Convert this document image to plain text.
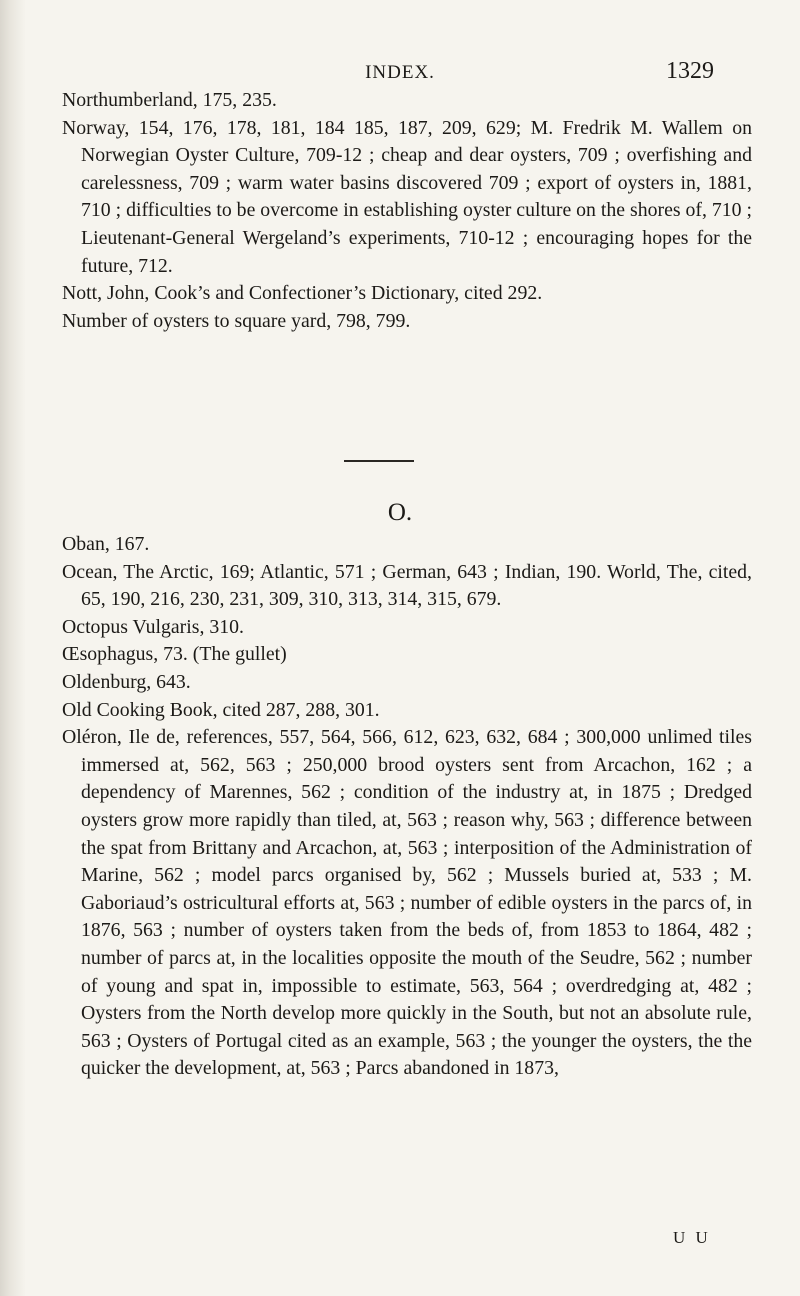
INDEX.	1329

Northumberland, 175, 235.

Norway, 154, 176, 178, 181, 184 185, 187, 209, 629; M. Fredrik M. Wallem on Norwegian Oyster Culture, 709-12 ; cheap and dear oysters, 709 ; overfishing and carelessness, 709 ; warm water basins discovered 709 ; export of oysters in, 1881, 710 ; difficulties to be overcome in establishing oyster culture on the shores of, 710 ; Lieutenant-General Wergeland’s experiments, 710-12 ; encouraging hopes for the future, 712.

Nott, John, Cook’s and Confectioner’s Dictionary, cited 292.

Number of oysters to square yard, 798, 799.

O.

Oban, 167.

Ocean, The Arctic, 169; Atlantic, 571 ; German, 643 ; Indian, 190. World, The, cited, 65, 190, 216, 230, 231, 309, 310, 313, 314, 315, 679.

Octopus Vulgaris, 310.

Œsophagus, 73. (The gullet)

Oldenburg, 643.

Old Cooking Book, cited 287, 288, 301.

Oléron, Ile de, references, 557, 564, 566, 612, 623, 632, 684 ; 300,000 unlimed tiles immersed at, 562, 563 ; 250,000 brood oysters sent from Arcachon, 162 ; a dependency of Marennes, 562 ; condition of the industry at, in 1875 ; Dredged oysters grow more rapidly than tiled, at, 563 ; reason why, 563 ; difference between the spat from Brittany and Arcachon, at, 563 ; interposition of the Administration of Marine, 562 ; model parcs organised by, 562 ; Mussels buried at, 533 ; M. Gaboriaud’s ostricultural efforts at, 563 ; number of edible oysters in the parcs of, in 1876, 563 ; number of oysters taken from the beds of, from 1853 to 1864, 482 ; number of parcs at, in the localities opposite the mouth of the Seudre, 562 ; number of young and spat in, impossible to estimate, 563, 564 ; overdredging at, 482 ; Oysters from the North develop more quickly in the South, but not an absolute rule, 563 ; Oysters of Portugal cited as an example, 563 ; the younger the oysters, the the quicker the development, at, 563 ; Parcs abandoned in 1873,

U U
